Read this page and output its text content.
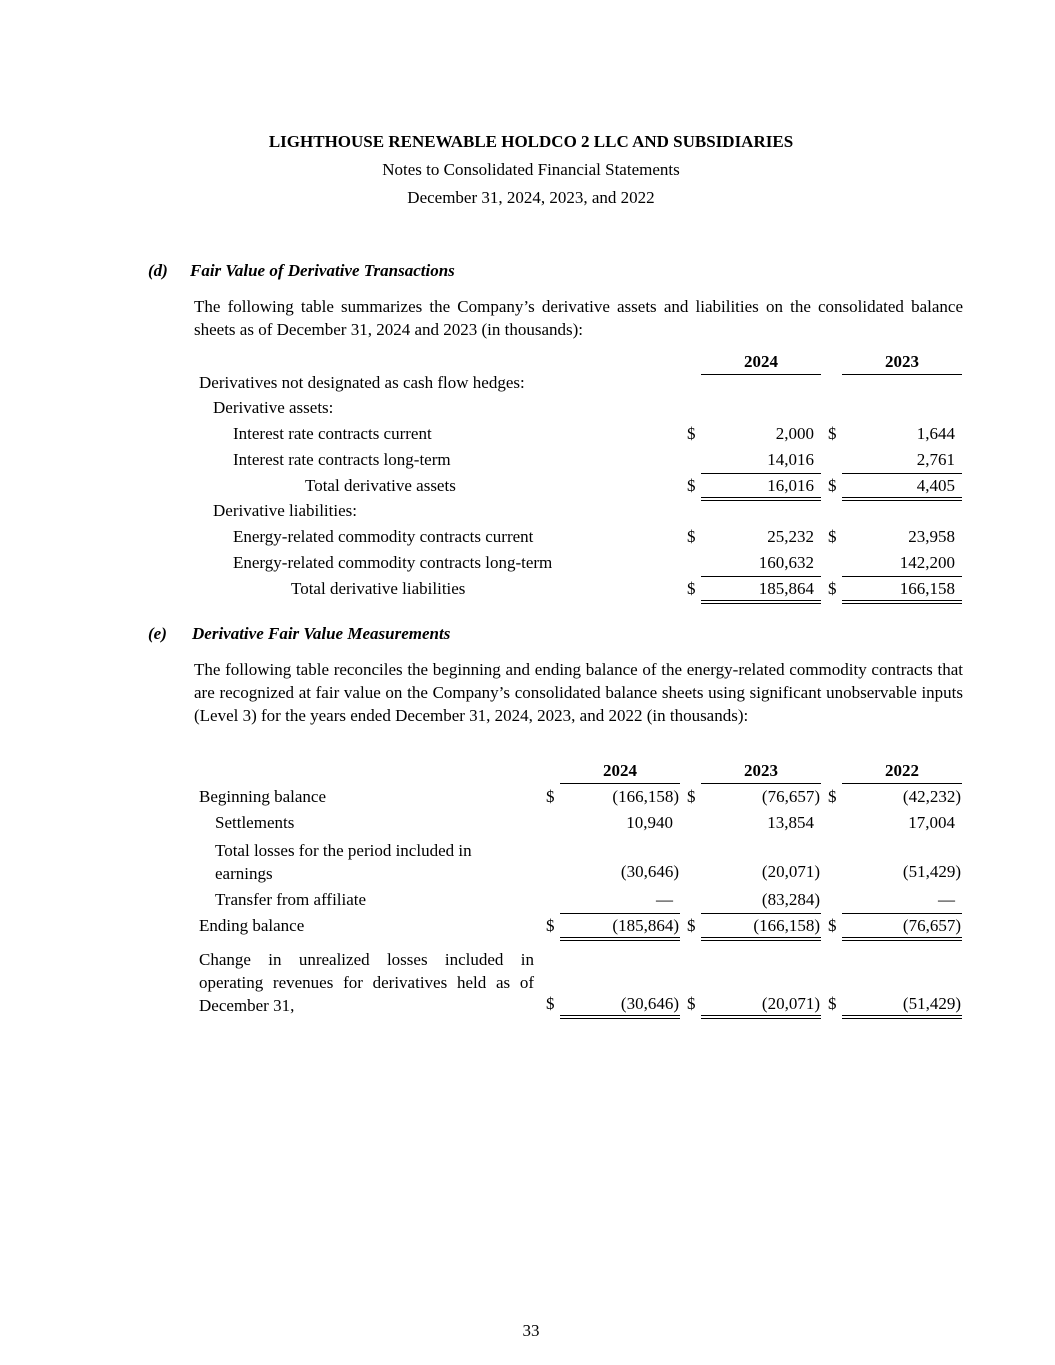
LIGHTHOUSE RENEWABLE HOLDCO 2 LLC AND SUBSIDIARIES
Notes to Consolidated Financial Statements
December 31, 2024, 2023, and 2022
(d) Fair Value of Derivative Transactions
The following table summarizes the Company’s derivative assets and liabilities on the consolidated balance sheets as of December 31, 2024 and 2023 (in thousands):
2024	2023
Derivatives not designated as cash flow hedges:
Derivative assets:
Interest rate contracts current	$	2,000 $	1,644
Interest rate contracts long-term	14,016	2,761
Total derivative assets	$	16,016 $	4,405
Derivative liabilities:
Energy-related commodity contracts current	$	25,232 $	23,958
Energy-related commodity contracts long-term	160,632	142,200
Total derivative liabilities	$	185,864 $	166,158
(e) Derivative Fair Value Measurements
The following table reconciles the beginning and ending balance of the energy-related commodity contracts that are recognized at fair value on the Company’s consolidated balance sheets using significant unobservable inputs (Level 3) for the years ended December 31, 2024, 2023, and 2022 (in thousands):
2024	2023	2022
Beginning balance	$	(166,158) $	(76,657) $	(42,232)
Settlements	10,940	13,854	17,004
Total losses for the period included in earnings	(30,646)	(20,071)	(51,429)
Transfer from affiliate	—	(83,284)	—
Ending balance	$	(185,864) $	(166,158) $	(76,657)
Change in unrealized losses included in operating revenues for derivatives held as of December 31,	$	(30,646) $	(20,071) $	(51,429)
33
